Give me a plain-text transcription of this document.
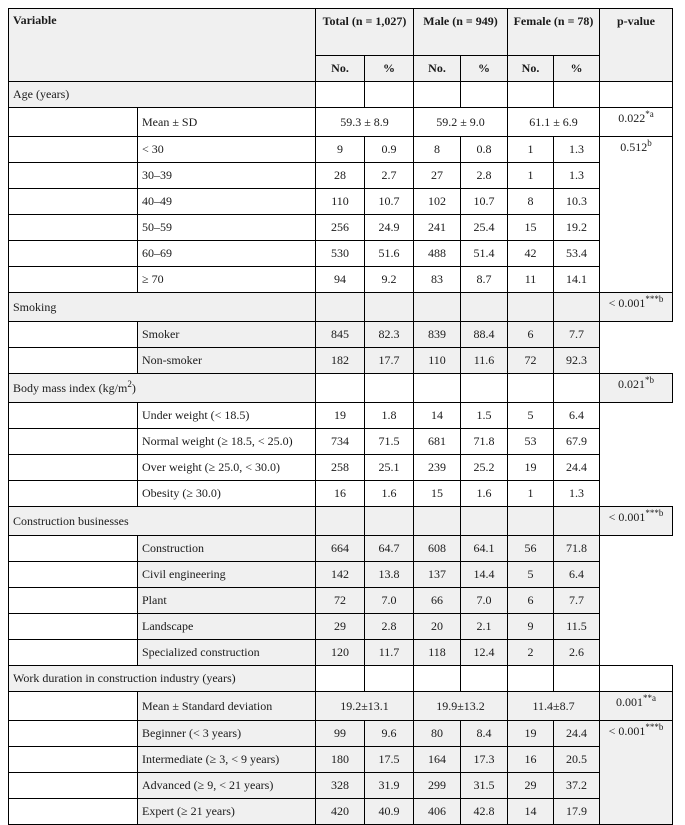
Variable		Total (n = 1,027)		Male (n = 949)		Female (n = 78)		p-value
		No.	%	No.	%	No.	%	
Age (years)								
	Mean ± SD	59.3 ± 8.9		59.2 ± 9.0		61.1 ± 6.9		0.022$^{*a}$
	< 30	9	0.9	8	0.8	1	1.3	0.512$^b$
	30–39	28	2.7	27	2.8	1	1.3	
	40–49	110	10.7	102	10.7	8	10.3	
	50–59	256	24.9	241	25.4	15	19.2	
	60–69	530	51.6	488	51.4	42	53.4	
	≥ 70	94	9.2	83	8.7	11	14.1	
Smoking								< $0.001^{***b}$
	Smoker	845	82.3	839	88.4	6	7.7	
	Non-smoker	182	17.7	110	11.6	72	92.3	
Body mass index $(kg/m^2)$								0.021$^{*b}$
	Under weight (< 18.5)	19	1.8	14	1.5	5	6.4	
	Normal weight (≥ 18.5, < 25.0)	734	71.5	681	71.8	53	67.9	
	Over weight (≥ 25.0, < 30.0)	258	25.1	239	25.2	19	24.4	
	Obesity (≥ 30.0)	16	1.6	15	1.6	1	1.3	
Construction businesses								< $0.001^{***b}$
	Construction	664	64.7	608	64.1	56	71.8	
	Civil engineering	142	13.8	137	14.4	5	6.4	
	Plant	72	7.0	66	7.0	6	7.7	
	Landscape	29	2.8	20	2.1	9	11.5	
	Specialized construction	120	11.7	118	12.4	2	2.6	
Work duration in construction industry (years)								
	Mean ± Standard deviation	19.2±13.1		19.9±13.2		11.4±8.7		0.001$^{**a}$
	Beginner (< 3 years)	99	9.6	80	8.4	19	24.4	< $0.001^{***b}$
	Intermediate (≥ 3, < 9 years)	180	17.5	164	17.3	16	20.5	
	Advanced (≥ 9, < 21 years)	328	31.9	299	31.5	29	37.2	
	Expert (≥ 21 years)	420	40.9	406	42.8	14	17.9	
